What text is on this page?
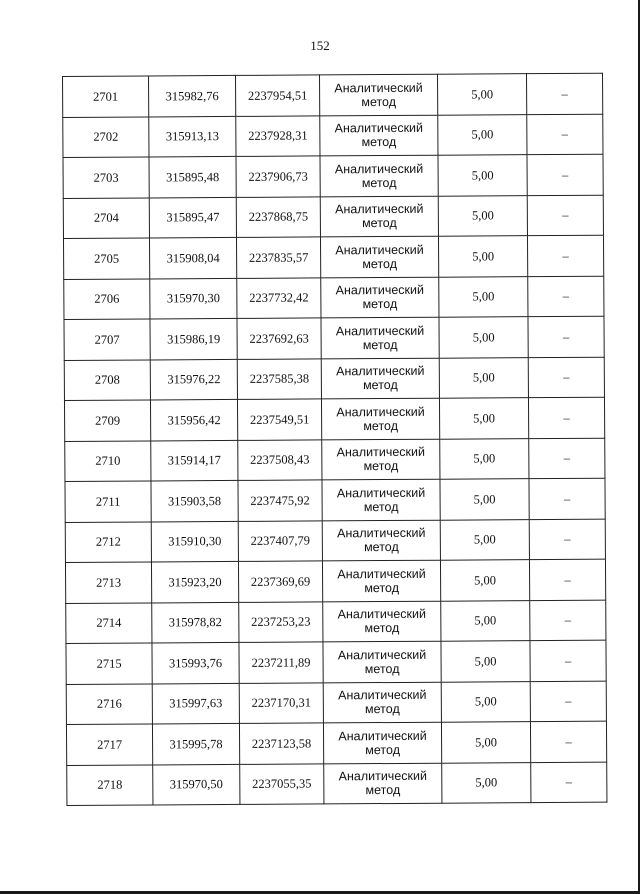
152
2701	315982,76	2237954,51	Аналитический метод	5,00	–
2702	315913,13	2237928,31	Аналитический метод	5,00	–
2703	315895,48	2237906,73	Аналитический метод	5,00	–
2704	315895,47	2237868,75	Аналитический метод	5,00	–
2705	315908,04	2237835,57	Аналитический метод	5,00	–
2706	315970,30	2237732,42	Аналитический метод	5,00	–
2707	315986,19	2237692,63	Аналитический метод	5,00	–
2708	315976,22	2237585,38	Аналитический метод	5,00	–
2709	315956,42	2237549,51	Аналитический метод	5,00	–
2710	315914,17	2237508,43	Аналитический метод	5,00	–
2711	315903,58	2237475,92	Аналитический метод	5,00	–
2712	315910,30	2237407,79	Аналитический метод	5,00	–
2713	315923,20	2237369,69	Аналитический метод	5,00	–
2714	315978,82	2237253,23	Аналитический метод	5,00	–
2715	315993,76	2237211,89	Аналитический метод	5,00	–
2716	315997,63	2237170,31	Аналитический метод	5,00	–
2717	315995,78	2237123,58	Аналитический метод	5,00	–
2718	315970,50	2237055,35	Аналитический метод	5,00	–
